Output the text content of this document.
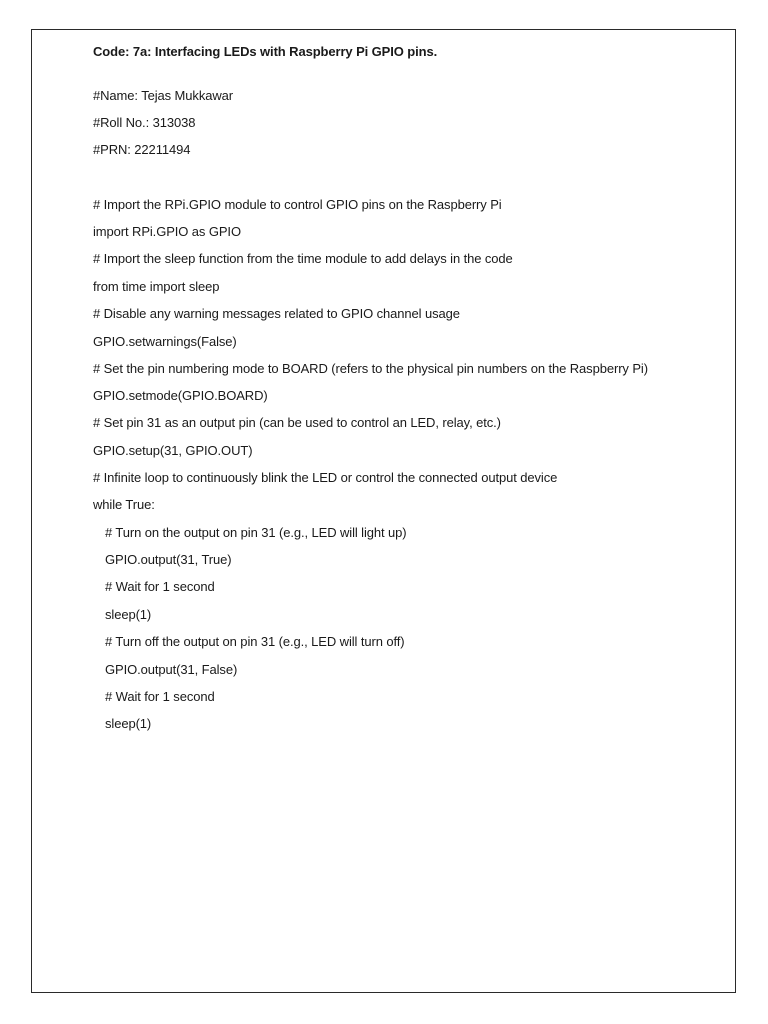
Code: 7a: Interfacing LEDs with Raspberry Pi GPIO pins.
#Name: Tejas Mukkawar
#Roll No.: 313038
#PRN: 22211494
# Import the RPi.GPIO module to control GPIO pins on the Raspberry Pi
import RPi.GPIO as GPIO
# Import the sleep function from the time module to add delays in the code
from time import sleep
# Disable any warning messages related to GPIO channel usage
GPIO.setwarnings(False)
# Set the pin numbering mode to BOARD (refers to the physical pin numbers on the Raspberry Pi)
GPIO.setmode(GPIO.BOARD)
# Set pin 31 as an output pin (can be used to control an LED, relay, etc.)
GPIO.setup(31, GPIO.OUT)
# Infinite loop to continuously blink the LED or control the connected output device
while True:
# Turn on the output on pin 31 (e.g., LED will light up)
GPIO.output(31, True)
# Wait for 1 second
sleep(1)
# Turn off the output on pin 31 (e.g., LED will turn off)
GPIO.output(31, False)
# Wait for 1 second
sleep(1)
